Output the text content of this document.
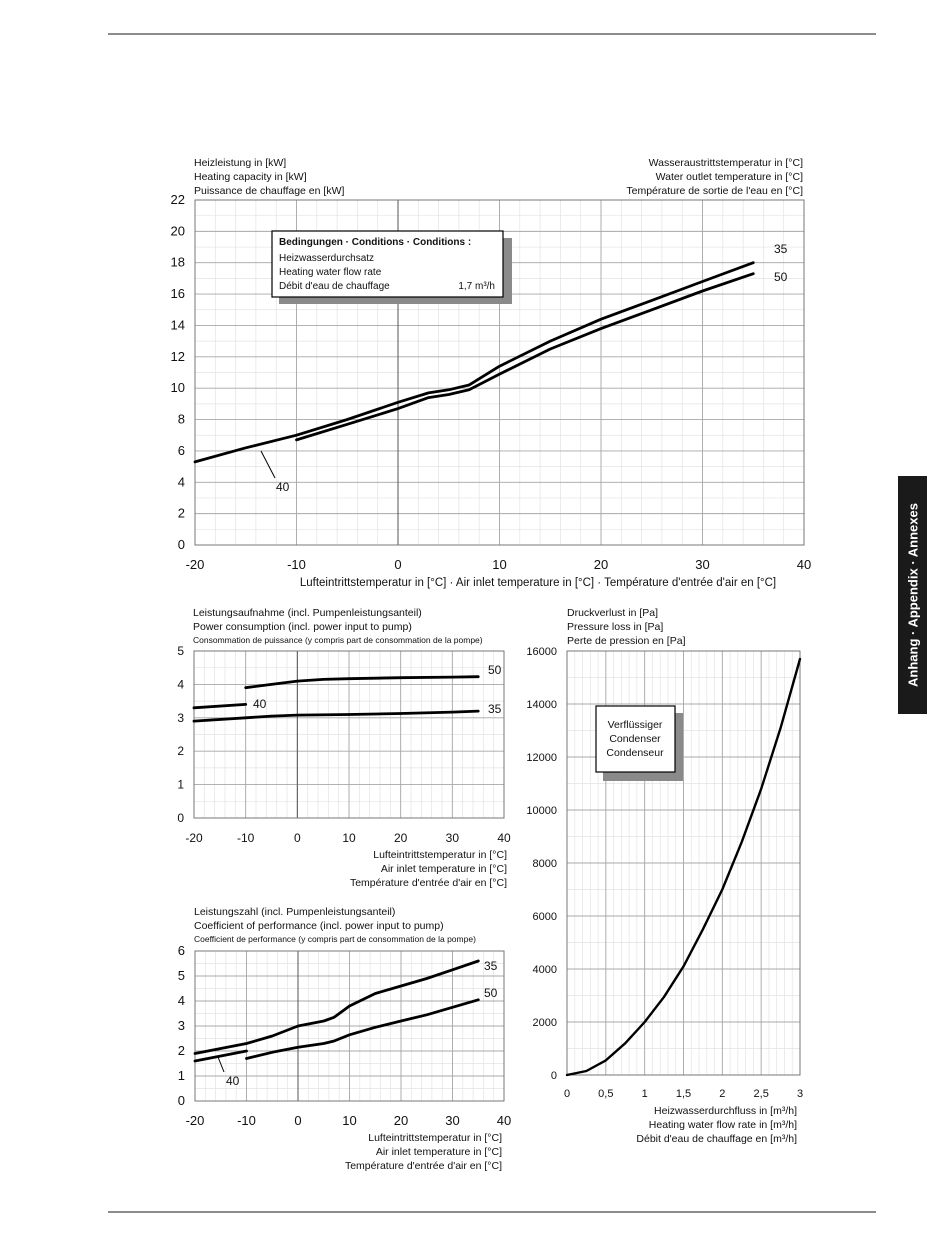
Anhang · Appendix · Annexes
-20	-10	0	10	20	30	40
0
2
4
6
8
10
12
14
16
18
20
22
Heizleistung in [kW]
Heating capacity in [kW]
Puissance de chauffage en [kW]
Wasseraustrittstemperatur in [°C]
Water outlet temperature in [°C]
Température de sortie de l'eau en [°C]
Lufteintrittstemperatur in [°C] · Air inlet temperature in [°C] · Température d'entrée d'air en [°C]
35
50
40
Bedingungen · Conditions · Conditions :
Heizwasserdurchsatz
Heating water flow rate
Débit d'eau de chauffage	1,7 m³/h
-20	-10	0	10	20	30	40
0
1
2
3
4
5
Leistungsaufnahme (incl. Pumpenleistungsanteil)
Power consumption (incl. power input to pump)
Consommation de puissance (y compris part de consommation de la pompe)
Lufteintrittstemperatur in [°C]
Air inlet temperature in [°C]
Température d'entrée d'air en [°C]
50
40	35
-20	-10	0	10	20	30	40
0
1
2
3
4
5
6
Leistungszahl (incl. Pumpenleistungsanteil)
Coefficient of performance (incl. power input to pump)
Coefficient de performance (y compris part de consommation de la pompe)
Lufteintrittstemperatur in [°C]
Air inlet temperature in [°C]
Température d'entrée d'air en [°C]
35
50
40
0	0,5	1	1,5	2	2,5	3
0
2000
4000
6000
8000
10000
12000
14000
16000
Druckverlust in [Pa]
Pressure loss in [Pa]
Perte de pression en [Pa]
Heizwasserdurchfluss in [m³/h]
Heating water flow rate in [m³/h]
Débit d'eau de chauffage en [m³/h]
Verflüssiger
Condenser
Condenseur
